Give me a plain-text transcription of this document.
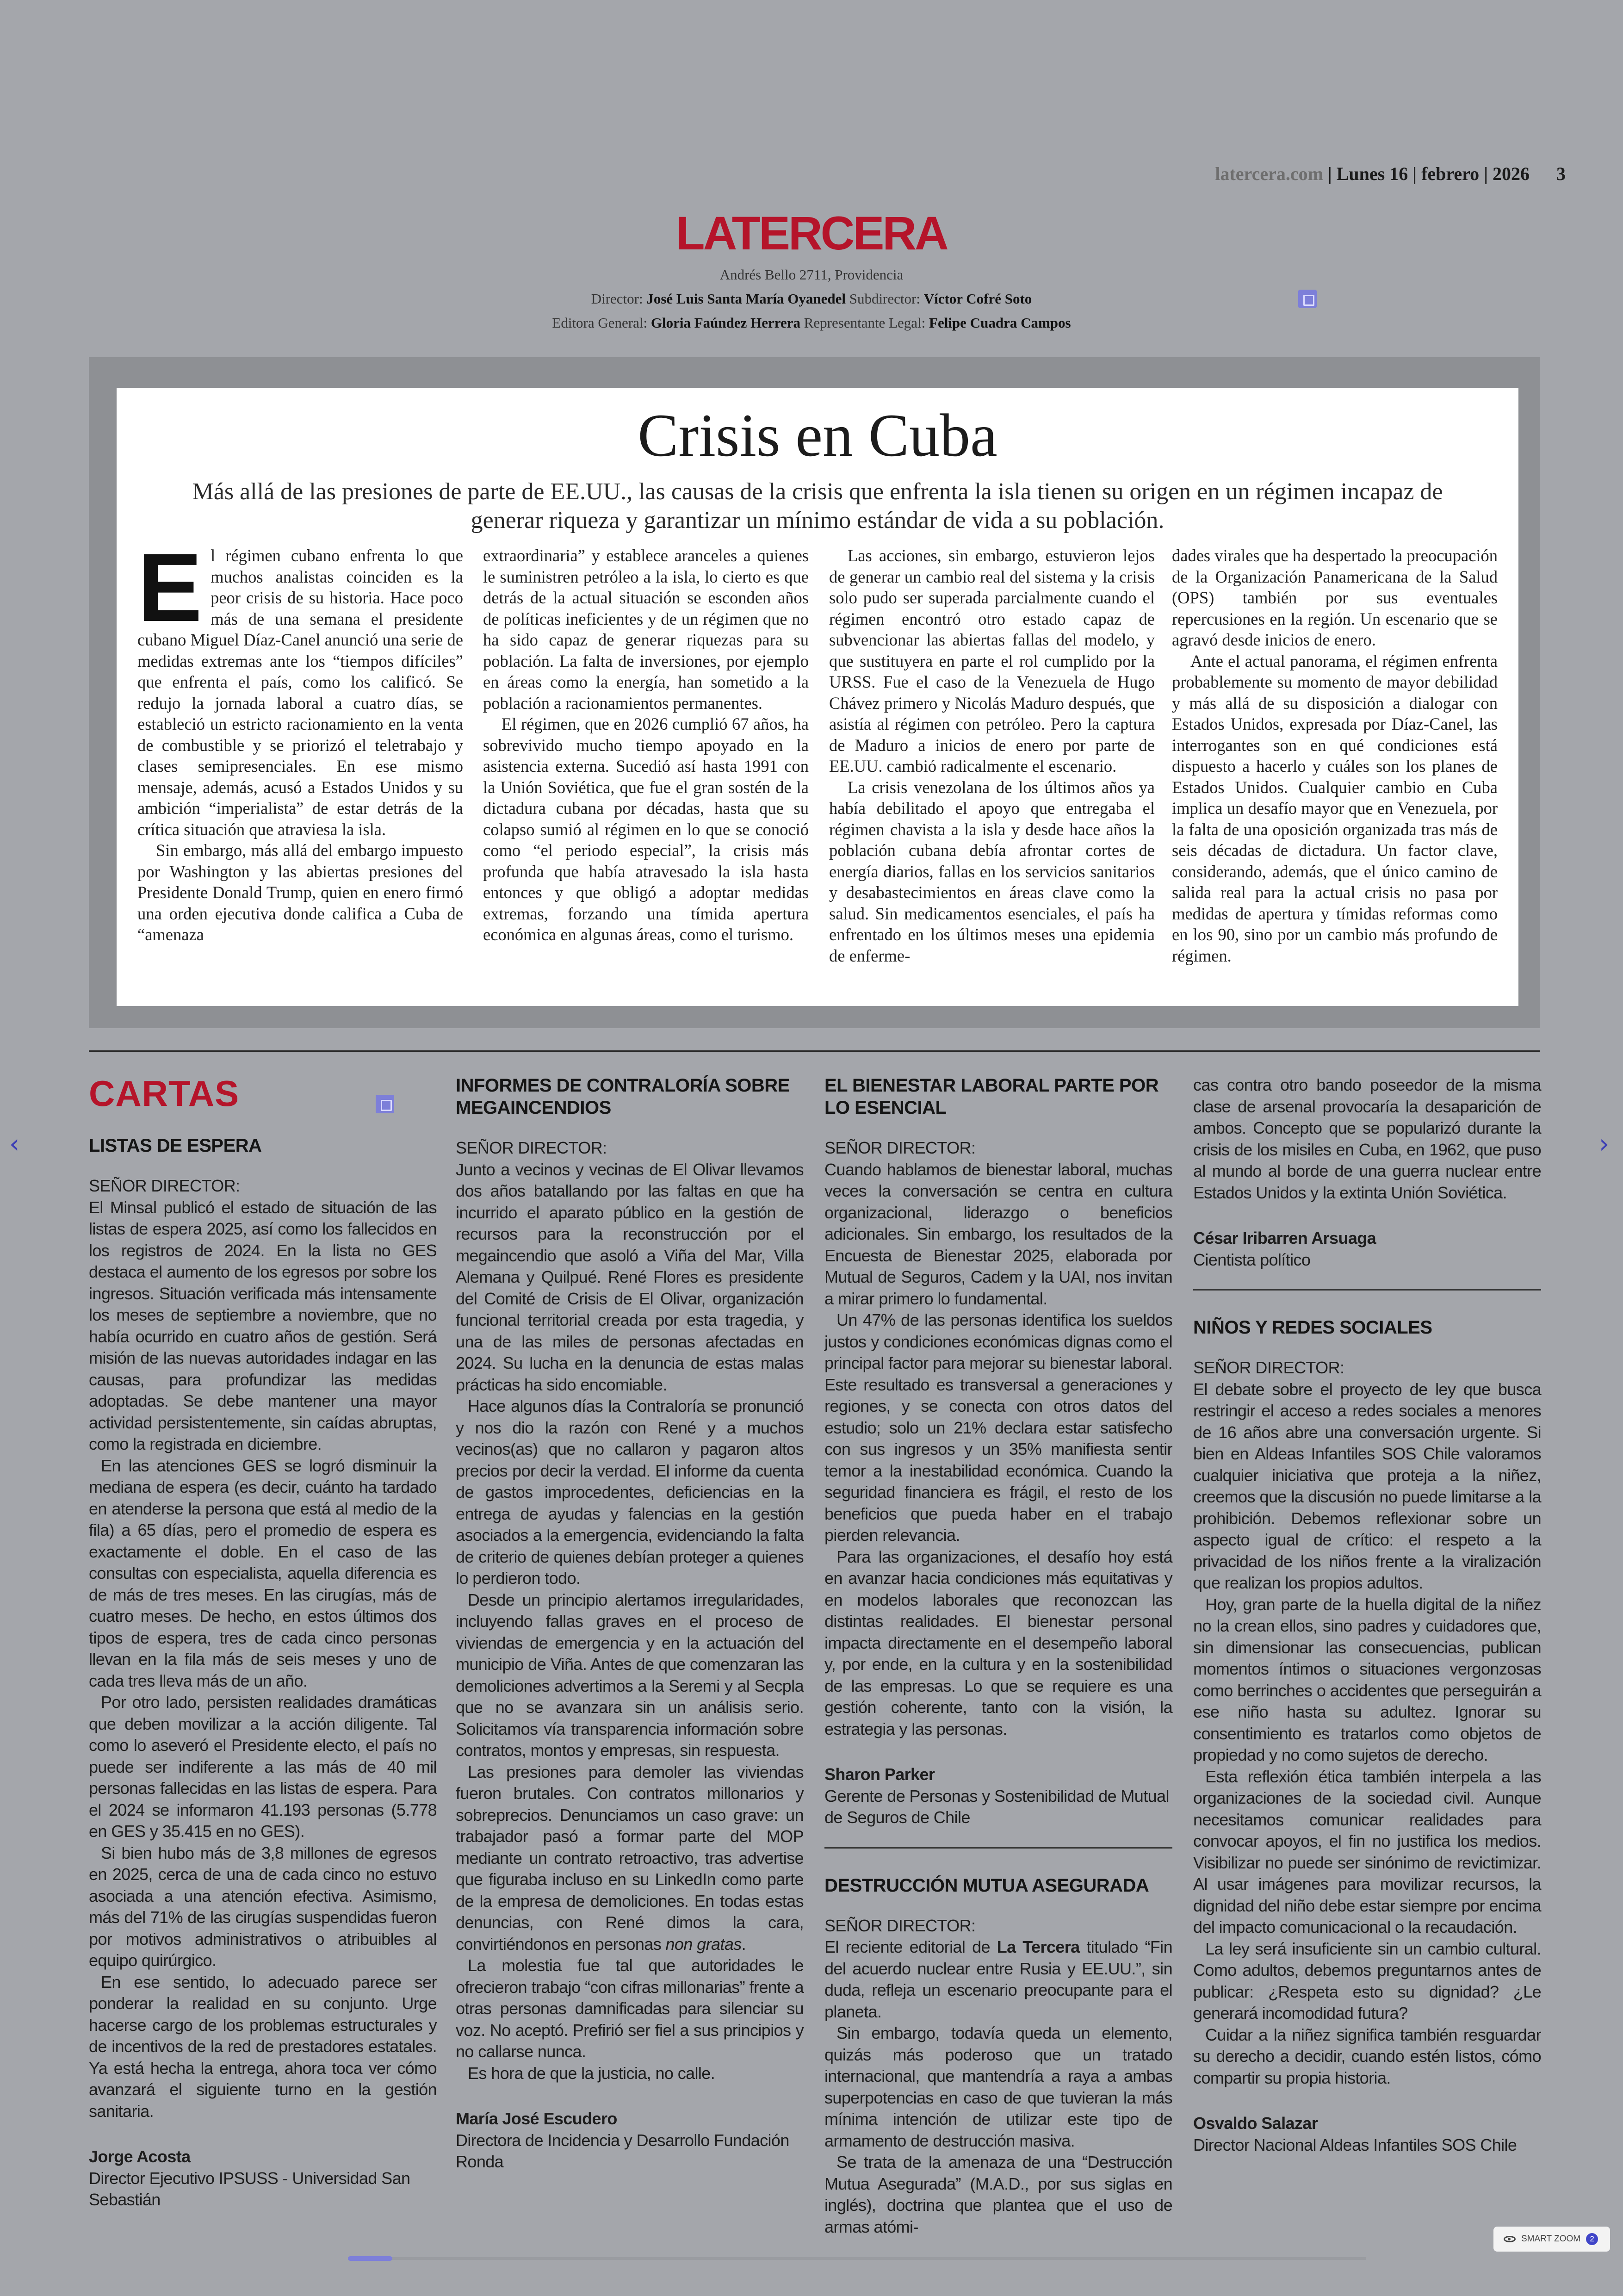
latercera.com | Lunes 16 | febrero | 2026 3
LATERCERA
Andrés Bello 2711, Providencia
Director: José Luis Santa María Oyanedel Subdirector: Víctor Cofré Soto
Editora General: Gloria Faúndez Herrera Representante Legal: Felipe Cuadra Campos
Crisis en Cuba
Más allá de las presiones de parte de EE.UU., las causas de la crisis que enfrenta la isla tienen su origen en un régimen incapaz de generar riqueza y garantizar un mínimo estándar de vida a su población.
E l régimen cubano enfrenta lo que muchos analistas coinciden es la peor crisis de su historia. Hace poco más de una semana el presidente cubano Miguel Díaz-Canel anunció una serie de medidas extremas ante los “tiempos difíciles” que enfrenta el país, como los calificó. Se redujo la jornada laboral a cuatro días, se estableció un estricto racionamiento en la venta de combustible y se priorizó el teletrabajo y clases semipresenciales. En ese mismo mensaje, además, acusó a Estados Unidos y su ambición “imperialista” de estar detrás de la crítica situación que atraviesa la isla.

Sin embargo, más allá del embargo impuesto por Washington y las abiertas presiones del Presidente Donald Trump, quien en enero firmó una orden ejecutiva donde califica a Cuba de “amenaza

extraordinaria” y establece aranceles a quienes le suministren petróleo a la isla, lo cierto es que detrás de la actual situación se esconden años de políticas ineficientes y de un régimen que no ha sido capaz de generar riquezas para su población. La falta de inversiones, por ejemplo en áreas como la energía, han sometido a la población a racionamientos permanentes.

El régimen, que en 2026 cumplió 67 años, ha sobrevivido mucho tiempo apoyado en la asistencia externa. Sucedió así hasta 1991 con la Unión Soviética, que fue el gran sostén de la dictadura cubana por décadas, hasta que su colapso sumió al régimen en lo que se conoció como “el periodo especial”, la crisis más profunda que había atravesado la isla hasta entonces y que obligó a adoptar medidas extremas, forzando una tímida apertura económica en algunas áreas, como el turismo.

Las acciones, sin embargo, estuvieron lejos de generar un cambio real del sistema y la crisis solo pudo ser superada parcialmente cuando el régimen encontró otro estado capaz de subvencionar las abiertas fallas del modelo, y que sustituyera en parte el rol cumplido por la URSS. Fue el caso de la Venezuela de Hugo Chávez primero y Nicolás Maduro después, que asistía al régimen con petróleo. Pero la captura de Maduro a inicios de enero por parte de EE.UU. cambió radicalmente el escenario.

La crisis venezolana de los últimos años ya había debilitado el apoyo que entregaba el régimen chavista a la isla y desde hace años la población cubana debía afrontar cortes de energía diarios, fallas en los servicios sanitarios y desabastecimientos en áreas clave como la salud. Sin medicamentos esenciales, el país ha enfrentado en los últimos meses una epidemia de enferme-

dades virales que ha despertado la preocupación de la Organización Panamericana de la Salud (OPS) también por sus eventuales repercusiones en la región. Un escenario que se agravó desde inicios de enero.

Ante el actual panorama, el régimen enfrenta probablemente su momento de mayor debilidad y más allá de su disposición a dialogar con Estados Unidos, expresada por Díaz-Canel, las interrogantes son en qué condiciones está dispuesto a hacerlo y cuáles son los planes de Estados Unidos. Cualquier cambio en Cuba implica un desafío mayor que en Venezuela, por la falta de una oposición organizada tras más de seis décadas de dictadura. Un factor clave, considerando, además, que el único camino de salida real para la actual crisis no pasa por medidas de apertura y tímidas reformas como en los 90, sino por un cambio más profundo de régimen.

CARTAS
LISTAS DE ESPERA
SEÑOR DIRECTOR:

El Minsal publicó el estado de situación de las listas de espera 2025, así como los fallecidos en los registros de 2024. En la lista no GES destaca el aumento de los egresos por sobre los ingresos. Situación verificada más intensamente los meses de septiembre a noviembre, que no había ocurrido en cuatro años de gestión. Será misión de las nuevas autoridades indagar en las causas, para profundizar las medidas adoptadas. Se debe mantener una mayor actividad persistentemente, sin caídas abruptas, como la registrada en diciembre.

En las atenciones GES se logró disminuir la mediana de espera (es decir, cuánto ha tardado en atenderse la persona que está al medio de la fila) a 65 días, pero el promedio de espera es exactamente el doble. En el caso de las consultas con especialista, aquella diferencia es de más de tres meses. En las cirugías, más de cuatro meses. De hecho, en estos últimos dos tipos de espera, tres de cada cinco personas llevan en la fila más de seis meses y uno de cada tres lleva más de un año.

Por otro lado, persisten realidades dramáticas que deben movilizar a la acción diligente. Tal como lo aseveró el Presidente electo, el país no puede ser indiferente a las más de 40 mil personas fallecidas en las listas de espera. Para el 2024 se informaron 41.193 personas (5.778 en GES y 35.415 en no GES).

Si bien hubo más de 3,8 millones de egresos en 2025, cerca de una de cada cinco no estuvo asociada a una atención efectiva. Asimismo, más del 71% de las cirugías suspendidas fueron por motivos administrativos o atribuibles al equipo quirúrgico.

En ese sentido, lo adecuado parece ser ponderar la realidad en su conjunto. Urge hacerse cargo de los problemas estructurales y de incentivos de la red de prestadores estatales. Ya está hecha la entrega, ahora toca ver cómo avanzará el siguiente turno en la gestión sanitaria.

Jorge Acosta
Director Ejecutivo IPSUSS - Universidad San Sebastián
INFORMES DE CONTRALORÍA SOBRE MEGAINCENDIOS
SEÑOR DIRECTOR:

Junto a vecinos y vecinas de El Olivar llevamos dos años batallando por las faltas en que ha incurrido el aparato público en la gestión de recursos para la reconstrucción por el megaincendio que asoló a Viña del Mar, Villa Alemana y Quilpué. René Flores es presidente del Comité de Crisis de El Olivar, organización funcional territorial creada por esta tragedia, y una de las miles de personas afectadas en 2024. Su lucha en la denuncia de estas malas prácticas ha sido encomiable.

Hace algunos días la Contraloría se pronunció y nos dio la razón con René y a muchos vecinos(as) que no callaron y pagaron altos precios por decir la verdad. El informe da cuenta de gastos improcedentes, deficiencias en la entrega de ayudas y falencias en la gestión asociados a la emergencia, evidenciando la falta de criterio de quienes debían proteger a quienes lo perdieron todo.

Desde un principio alertamos irregularidades, incluyendo fallas graves en el proceso de viviendas de emergencia y en la actuación del municipio de Viña. Antes de que comenzaran las demoliciones advertimos a la Seremi y al Secpla que no se avanzara sin un análisis serio. Solicitamos vía transparencia información sobre contratos, montos y empresas, sin respuesta.

Las presiones para demoler las viviendas fueron brutales. Con contratos millonarios y sobreprecios. Denunciamos un caso grave: un trabajador pasó a formar parte del MOP mediante un contrato retroactivo, tras advertise que figuraba incluso en su LinkedIn como parte de la empresa de demoliciones. En todas estas denuncias, con René dimos la cara, convirtiéndonos en personas non gratas.

La molestia fue tal que autoridades le ofrecieron trabajo “con cifras millonarias” frente a otras personas damnificadas para silenciar su voz. No aceptó. Prefirió ser fiel a sus principios y no callarse nunca.

Es hora de que la justicia, no calle.

María José Escudero
Directora de Incidencia y Desarrollo Fundación Ronda
EL BIENESTAR LABORAL PARTE POR LO ESENCIAL
SEÑOR DIRECTOR:

Cuando hablamos de bienestar laboral, muchas veces la conversación se centra en cultura organizacional, liderazgo o beneficios adicionales. Sin embargo, los resultados de la Encuesta de Bienestar 2025, elaborada por Mutual de Seguros, Cadem y la UAI, nos invitan a mirar primero lo fundamental.

Un 47% de las personas identifica los sueldos justos y condiciones económicas dignas como el principal factor para mejorar su bienestar laboral. Este resultado es transversal a generaciones y regiones, y se conecta con otros datos del estudio; solo un 21% declara estar satisfecho con sus ingresos y un 35% manifiesta sentir temor a la inestabilidad económica. Cuando la seguridad financiera es frágil, el resto de los beneficios que pueda haber en el trabajo pierden relevancia.

Para las organizaciones, el desafío hoy está en avanzar hacia condiciones más equitativas y en modelos laborales que reconozcan las distintas realidades. El bienestar personal impacta directamente en el desempeño laboral y, por ende, en la cultura y en la sostenibilidad de las empresas. Lo que se requiere es una gestión coherente, tanto con la visión, la estrategia y las personas.

Sharon Parker
Gerente de Personas y Sostenibilidad de Mutual de Seguros de Chile
DESTRUCCIÓN MUTUA ASEGURADA
SEÑOR DIRECTOR:

El reciente editorial de La Tercera titulado “Fin del acuerdo nuclear entre Rusia y EE.UU.”, sin duda, refleja un escenario preocupante para el planeta.

Sin embargo, todavía queda un elemento, quizás más poderoso que un tratado internacional, que mantendría a raya a ambas superpotencias en caso de que tuvieran la más mínima intención de utilizar este tipo de armamento de destrucción masiva.

Se trata de la amenaza de una “Destrucción Mutua Asegurada” (M.A.D., por sus siglas en inglés), doctrina que plantea que el uso de armas atómi-

cas contra otro bando poseedor de la misma clase de arsenal provocaría la desaparición de ambos. Concepto que se popularizó durante la crisis de los misiles en Cuba, en 1962, que puso al mundo al borde de una guerra nuclear entre Estados Unidos y la extinta Unión Soviética.

César Iribarren Arsuaga
Cientista político
NIÑOS Y REDES SOCIALES
SEÑOR DIRECTOR:

El debate sobre el proyecto de ley que busca restringir el acceso a redes sociales a menores de 16 años abre una conversación urgente. Si bien en Aldeas Infantiles SOS Chile valoramos cualquier iniciativa que proteja a la niñez, creemos que la discusión no puede limitarse a la prohibición. Debemos reflexionar sobre un aspecto igual de crítico: el respeto a la privacidad de los niños frente a la viralización que realizan los propios adultos.

Hoy, gran parte de la huella digital de la niñez no la crean ellos, sino padres y cuidadores que, sin dimensionar las consecuencias, publican momentos íntimos o situaciones vergonzosas como berrinches o accidentes que perseguirán a ese niño hasta su adultez. Ignorar su consentimiento es tratarlos como objetos de propiedad y no como sujetos de derecho.

Esta reflexión ética también interpela a las organizaciones de la sociedad civil. Aunque necesitamos comunicar realidades para convocar apoyos, el fin no justifica los medios. Visibilizar no puede ser sinónimo de revictimizar. Al usar imágenes para movilizar recursos, la dignidad del niño debe estar siempre por encima del impacto comunicacional o la recaudación.

La ley será insuficiente sin un cambio cultural. Como adultos, debemos preguntarnos antes de publicar: ¿Respeta esto su dignidad? ¿Le generará incomodidad futura?

Cuidar a la niñez significa también resguardar su derecho a decidir, cuando estén listos, cómo compartir su propia historia.

Osvaldo Salazar
Director Nacional Aldeas Infantiles SOS Chile
‹	›
SMART ZOOM	2
